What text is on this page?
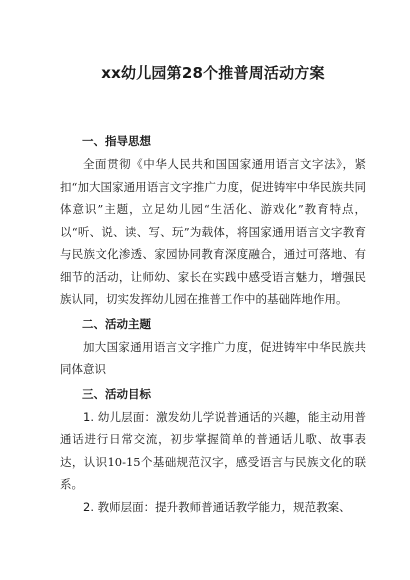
xx幼儿园第28个推普周活动方案
一、指导思想

全面贯彻《中华人民共和国国家通用语言文字法》，紧扣“加大国家通用语言文字推广力度，促进铸牢中华民族共同体意识”主题，立足幼儿园“生活化、游戏化”教育特点，以“听、说、读、写、玩”为载体，将国家通用语言文字教育与民族文化渗透、家园协同教育深度融合，通过可落地、有细节的活动，让师幼、家长在实践中感受语言魅力，增强民族认同，切实发挥幼儿园在推普工作中的基础阵地作用。

二、活动主题

加大国家通用语言文字推广力度，促进铸牢中华民族共同体意识

三、活动目标

1. 幼儿层面：激发幼儿学说普通话的兴趣，能主动用普通话进行日常交流，初步掌握简单的普通话儿歌、故事表达，认识10-15个基础规范汉字，感受语言与民族文化的联系。

2. 教师层面：提升教师普通话教学能力，规范教案、
